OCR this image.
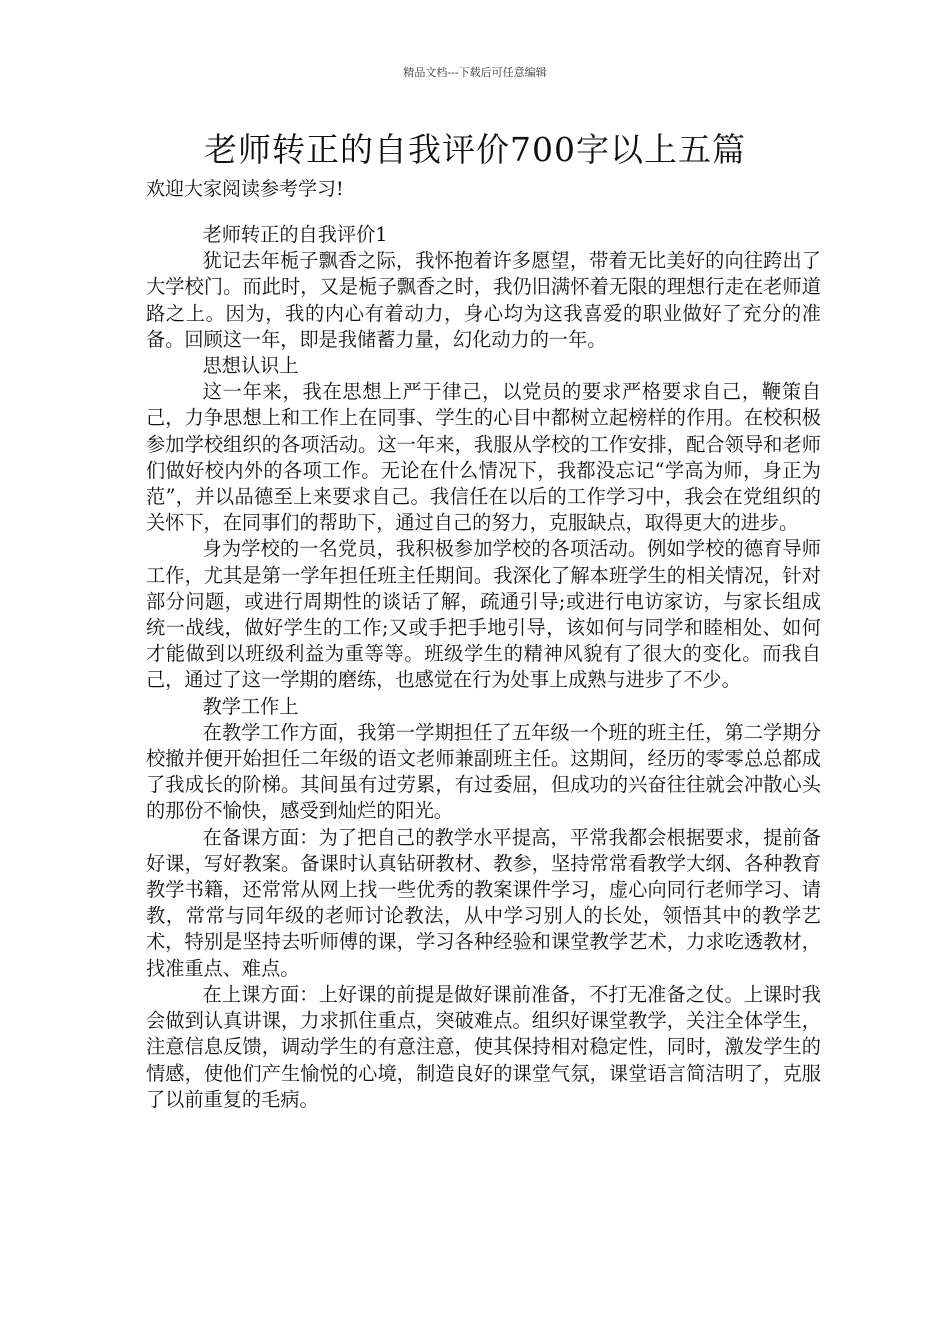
精品文档---下载后可任意编辑
老师转正的自我评价700字以上五篇
欢迎大家阅读参考学习!

老师转正的自我评价1

犹记去年栀子飘香之际，我怀抱着许多愿望，带着无比美好的向往跨出了大学校门。而此时，又是栀子飘香之时，我仍旧满怀着无限的理想行走在老师道路之上。因为，我的内心有着动力，身心均为这我喜爱的职业做好了充分的准备。回顾这一年，即是我储蓄力量，幻化动力的一年。

思想认识上

这一年来，我在思想上严于律己，以党员的要求严格要求自己，鞭策自己，力争思想上和工作上在同事、学生的心目中都树立起榜样的作用。在校积极参加学校组织的各项活动。这一年来，我服从学校的工作安排，配合领导和老师们做好校内外的各项工作。无论在什么情况下，我都没忘记“学高为师，身正为范”，并以品德至上来要求自己。我信任在以后的工作学习中，我会在党组织的关怀下，在同事们的帮助下，通过自己的努力，克服缺点，取得更大的进步。

身为学校的一名党员，我积极参加学校的各项活动。例如学校的德育导师工作，尤其是第一学年担任班主任期间。我深化了解本班学生的相关情况，针对部分问题，或进行周期性的谈话了解，疏通引导;或进行电访家访，与家长组成统一战线，做好学生的工作;又或手把手地引导，该如何与同学和睦相处、如何才能做到以班级利益为重等等。班级学生的精神风貌有了很大的变化。而我自己，通过了这一学期的磨练，也感觉在行为处事上成熟与进步了不少。

教学工作上

在教学工作方面，我第一学期担任了五年级一个班的班主任，第二学期分校撤并便开始担任二年级的语文老师兼副班主任。这期间，经历的零零总总都成了我成长的阶梯。其间虽有过劳累，有过委屈，但成功的兴奋往往就会冲散心头的那份不愉快，感受到灿烂的阳光。

在备课方面：为了把自己的教学水平提高，平常我都会根据要求，提前备好课，写好教案。备课时认真钻研教材、教参，坚持常常看教学大纲、各种教育教学书籍，还常常从网上找一些优秀的教案课件学习，虚心向同行老师学习、请教，常常与同年级的老师讨论教法，从中学习别人的长处，领悟其中的教学艺术，特别是坚持去听师傅的课，学习各种经验和课堂教学艺术，力求吃透教材，找准重点、难点。

在上课方面：上好课的前提是做好课前准备，不打无准备之仗。上课时我会做到认真讲课，力求抓住重点，突破难点。组织好课堂教学，关注全体学生，注意信息反馈，调动学生的有意注意，使其保持相对稳定性，同时，激发学生的情感，使他们产生愉悦的心境，制造良好的课堂气氛，课堂语言简洁明了，克服了以前重复的毛病。
